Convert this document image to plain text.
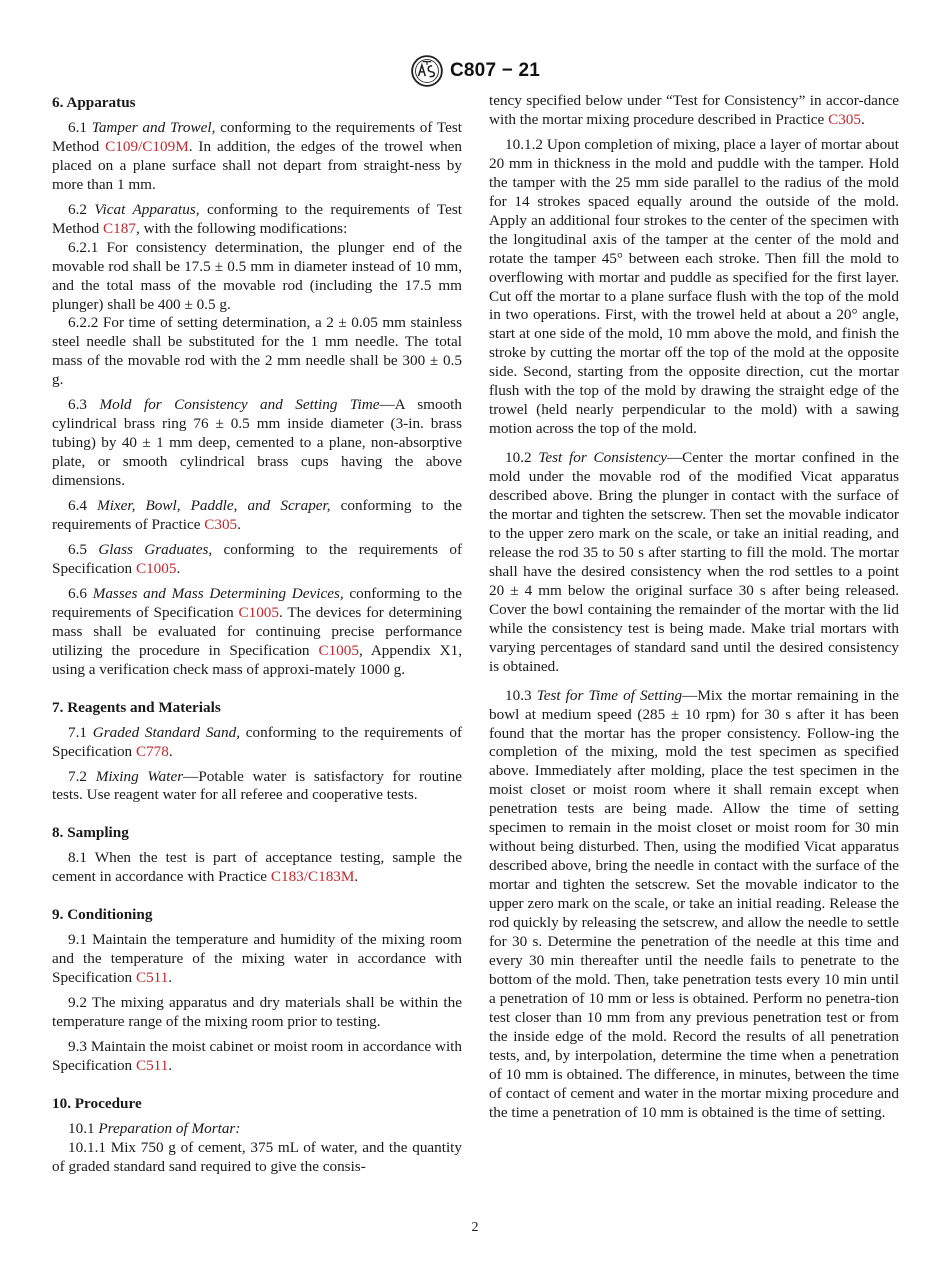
C807 − 21
6. Apparatus

6.1 Tamper and Trowel, conforming to the requirements of Test Method C109/C109M. In addition, the edges of the trowel when placed on a plane surface shall not depart from straight-ness by more than 1 mm.

6.2 Vicat Apparatus, conforming to the requirements of Test Method C187, with the following modifications:

6.2.1 For consistency determination, the plunger end of the movable rod shall be 17.5 ± 0.5 mm in diameter instead of 10 mm, and the total mass of the movable rod (including the 17.5 mm plunger) shall be 400 ± 0.5 g.

6.2.2 For time of setting determination, a 2 ± 0.05 mm stainless steel needle shall be substituted for the 1 mm needle. The total mass of the movable rod with the 2 mm needle shall be 300 ± 0.5 g.

6.3 Mold for Consistency and Setting Time—A smooth cylindrical brass ring 76 ± 0.5 mm inside diameter (3-in. brass tubing) by 40 ± 1 mm deep, cemented to a plane, non-absorptive plate, or smooth cylindrical brass cups having the above dimensions.

6.4 Mixer, Bowl, Paddle, and Scraper, conforming to the requirements of Practice C305.

6.5 Glass Graduates, conforming to the requirements of Specification C1005.

6.6 Masses and Mass Determining Devices, conforming to the requirements of Specification C1005. The devices for determining mass shall be evaluated for continuing precise performance utilizing the procedure in Specification C1005, Appendix X1, using a verification check mass of approxi-mately 1000 g.

7. Reagents and Materials

7.1 Graded Standard Sand, conforming to the requirements of Specification C778.

7.2 Mixing Water—Potable water is satisfactory for routine tests. Use reagent water for all referee and cooperative tests.

8. Sampling

8.1 When the test is part of acceptance testing, sample the cement in accordance with Practice C183/C183M.

9. Conditioning

9.1 Maintain the temperature and humidity of the mixing room and the temperature of the mixing water in accordance with Specification C511.

9.2 The mixing apparatus and dry materials shall be within the temperature range of the mixing room prior to testing.

9.3 Maintain the moist cabinet or moist room in accordance with Specification C511.

10. Procedure

10.1 Preparation of Mortar:

10.1.1 Mix 750 g of cement, 375 mL of water, and the quantity of graded standard sand required to give the consis-

tency specified below under “Test for Consistency” in accor-dance with the mortar mixing procedure described in Practice C305.

10.1.2 Upon completion of mixing, place a layer of mortar about 20 mm in thickness in the mold and puddle with the tamper. Hold the tamper with the 25 mm side parallel to the radius of the mold for 14 strokes spaced equally around the outside of the mold. Apply an additional four strokes to the center of the specimen with the longitudinal axis of the tamper at the center of the mold and rotate the tamper 45° between each stroke. Then fill the mold to overflowing with mortar and puddle as specified for the first layer. Cut off the mortar to a plane surface flush with the top of the mold in two operations. First, with the trowel held at about a 20° angle, start at one side of the mold, 10 mm above the mold, and finish the stroke by cutting the mortar off the top of the mold at the opposite side. Second, starting from the opposite direction, cut the mortar flush with the top of the mold by drawing the straight edge of the trowel (held nearly perpendicular to the mold) with a sawing motion across the top of the mold.

10.2 Test for Consistency—Center the mortar confined in the mold under the movable rod of the modified Vicat apparatus described above. Bring the plunger in contact with the surface of the mortar and tighten the setscrew. Then set the movable indicator to the upper zero mark on the scale, or take an initial reading, and release the rod 35 to 50 s after starting to fill the mold. The mortar shall have the desired consistency when the rod settles to a point 20 ± 4 mm below the original surface 30 s after being released. Cover the bowl containing the remainder of the mortar with the lid while the consistency test is being made. Make trial mortars with varying percentages of standard sand until the desired consistency is obtained.

10.3 Test for Time of Setting—Mix the mortar remaining in the bowl at medium speed (285 ± 10 rpm) for 30 s after it has been found that the mortar has the proper consistency. Follow-ing the completion of the mixing, mold the test specimen as specified above. Immediately after molding, place the test specimen in the moist closet or moist room where it shall remain except when penetration tests are being made. Allow the time of setting specimen to remain in the moist closet or moist room for 30 min without being disturbed. Then, using the modified Vicat apparatus described above, bring the needle in contact with the surface of the mortar and tighten the setscrew. Set the movable indicator to the upper zero mark on the scale, or take an initial reading. Release the rod quickly by releasing the setscrew, and allow the needle to settle for 30 s. Determine the penetration of the needle at this time and every 30 min thereafter until the needle fails to penetrate to the bottom of the mold. Then, take penetration tests every 10 min until a penetration of 10 mm or less is obtained. Perform no penetra-tion test closer than 10 mm from any previous penetration test or from the inside edge of the mold. Record the results of all penetration tests, and, by interpolation, determine the time when a penetration of 10 mm is obtained. The difference, in minutes, between the time of contact of cement and water in the mortar mixing procedure and the time a penetration of 10 mm is obtained is the time of setting.

2
